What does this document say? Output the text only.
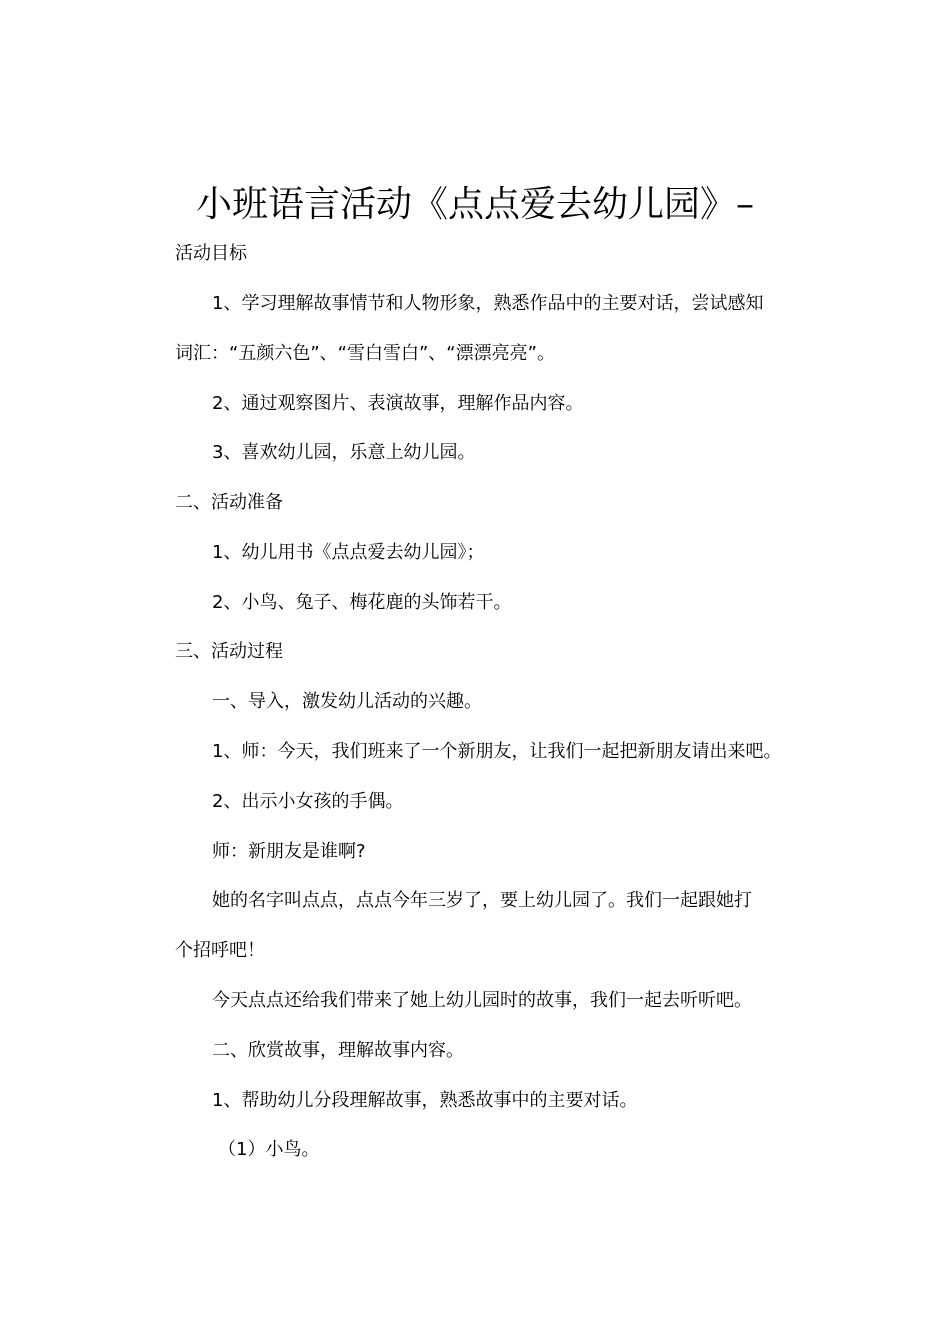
小班语言活动《点点爱去幼儿园》–
活动目标
1、学习理解故事情节和人物形象，熟悉作品中的主要对话，尝试感知
词汇：“五颜六色”、“雪白雪白”、“漂漂亮亮”。
2、通过观察图片、表演故事，理解作品内容。
3、喜欢幼儿园，乐意上幼儿园。
二、活动准备
1、幼儿用书《点点爱去幼儿园》；
2、小鸟、兔子、梅花鹿的头饰若干。
三、活动过程
一、导入，激发幼儿活动的兴趣。
1、师：今天，我们班来了一个新朋友，让我们一起把新朋友请出来吧。
2、出示小女孩的手偶。
师：新朋友是谁啊?
她的名字叫点点，点点今年三岁了，要上幼儿园了。我们一起跟她打
个招呼吧！
今天点点还给我们带来了她上幼儿园时的故事，我们一起去听听吧。
二、欣赏故事，理解故事内容。
1、帮助幼儿分段理解故事，熟悉故事中的主要对话。
（1）小鸟。
